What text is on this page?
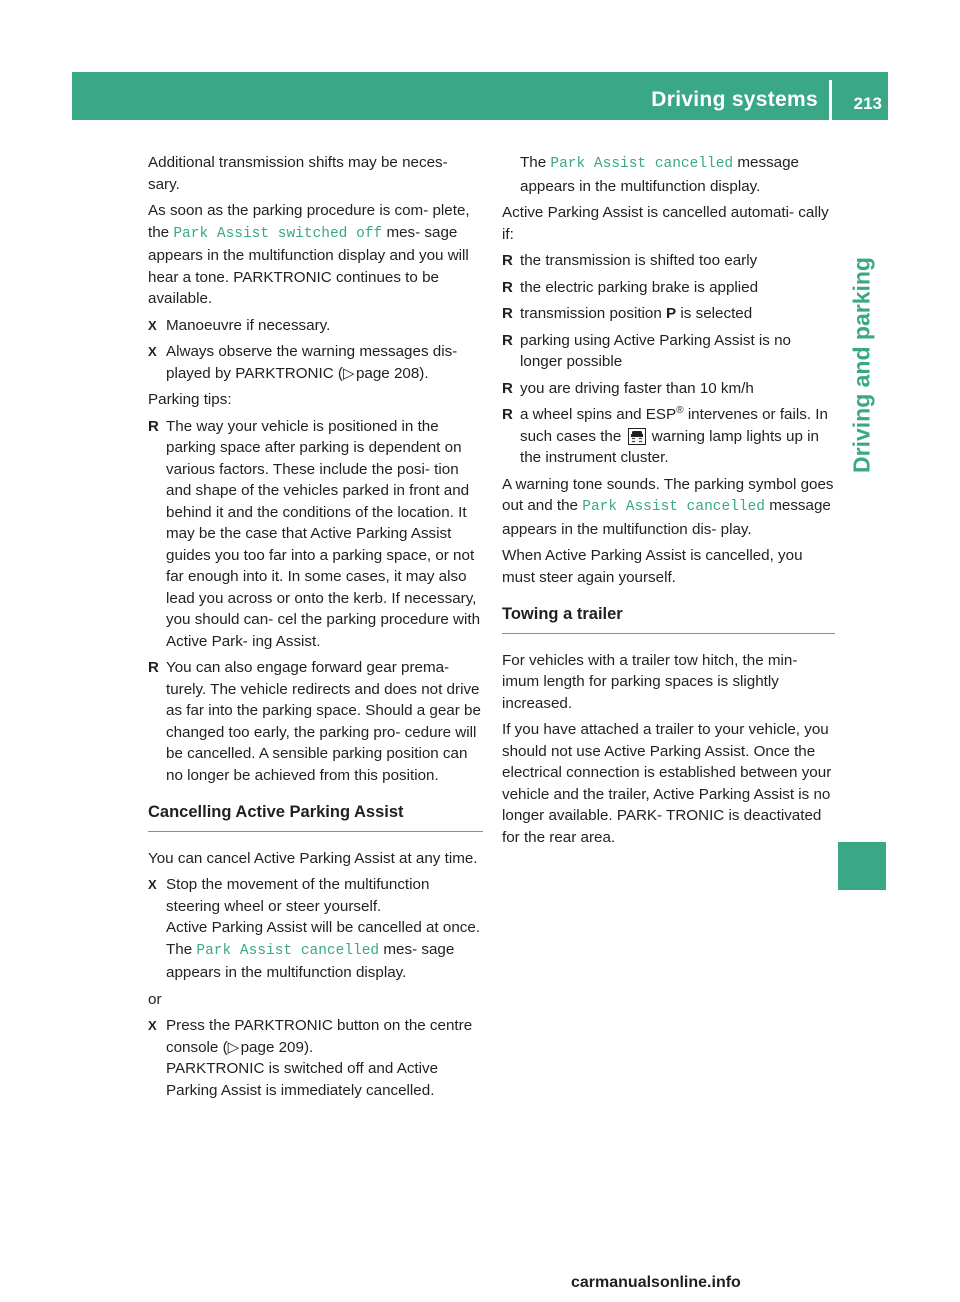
Driving systems 213
Driving and parking

Additional transmission shifts may be neces- sary.

As soon as the parking procedure is com- plete, the Park Assist switched off mes- sage appears in the multifunction display and you will hear a tone. PARKTRONIC continues to be available.

X Manoeuvre if necessary.
X Always observe the warning messages dis- played by PARKTRONIC (▷ page 208).

Parking tips:

R The way your vehicle is positioned in the parking space after parking is dependent on various factors. These include the posi- tion and shape of the vehicles parked in front and behind it and the conditions of the location. It may be the case that Active Parking Assist guides you too far into a parking space, or not far enough into it. In some cases, it may also lead you across or onto the kerb. If necessary, you should can- cel the parking procedure with Active Park- ing Assist.
R You can also engage forward gear prema- turely. The vehicle redirects and does not drive as far into the parking space. Should a gear be changed too early, the parking pro- cedure will be cancelled. A sensible parking position can no longer be achieved from this position.
Cancelling Active Parking Assist

You can cancel Active Parking Assist at any time.

X Stop the movement of the multifunction steering wheel or steer yourself.
Active Parking Assist will be cancelled at once. The Park Assist cancelled mes- sage appears in the multifunction display.

or

X Press the PARKTRONIC button on the centre console (▷ page 209).
PARKTRONIC is switched off and Active Parking Assist is immediately cancelled.

The Park Assist cancelled message appears in the multifunction display.

Active Parking Assist is cancelled automati- cally if:

R the transmission is shifted too early
R the electric parking brake is applied
R transmission position P is selected
R parking using Active Parking Assist is no longer possible
R you are driving faster than 10 km/h
R a wheel spins and ESP® intervenes or fails. In such cases the warning lamp lights up in the instrument cluster.

A warning tone sounds. The parking symbol goes out and the Park Assist cancelled message appears in the multifunction dis- play.

When Active Parking Assist is cancelled, you must steer again yourself.

Towing a trailer

For vehicles with a trailer tow hitch, the min- imum length for parking spaces is slightly increased.

If you have attached a trailer to your vehicle, you should not use Active Parking Assist. Once the electrical connection is established between your vehicle and the trailer, Active Parking Assist is no longer available. PARK- TRONIC is deactivated for the rear area.

carmanualsonline.info
